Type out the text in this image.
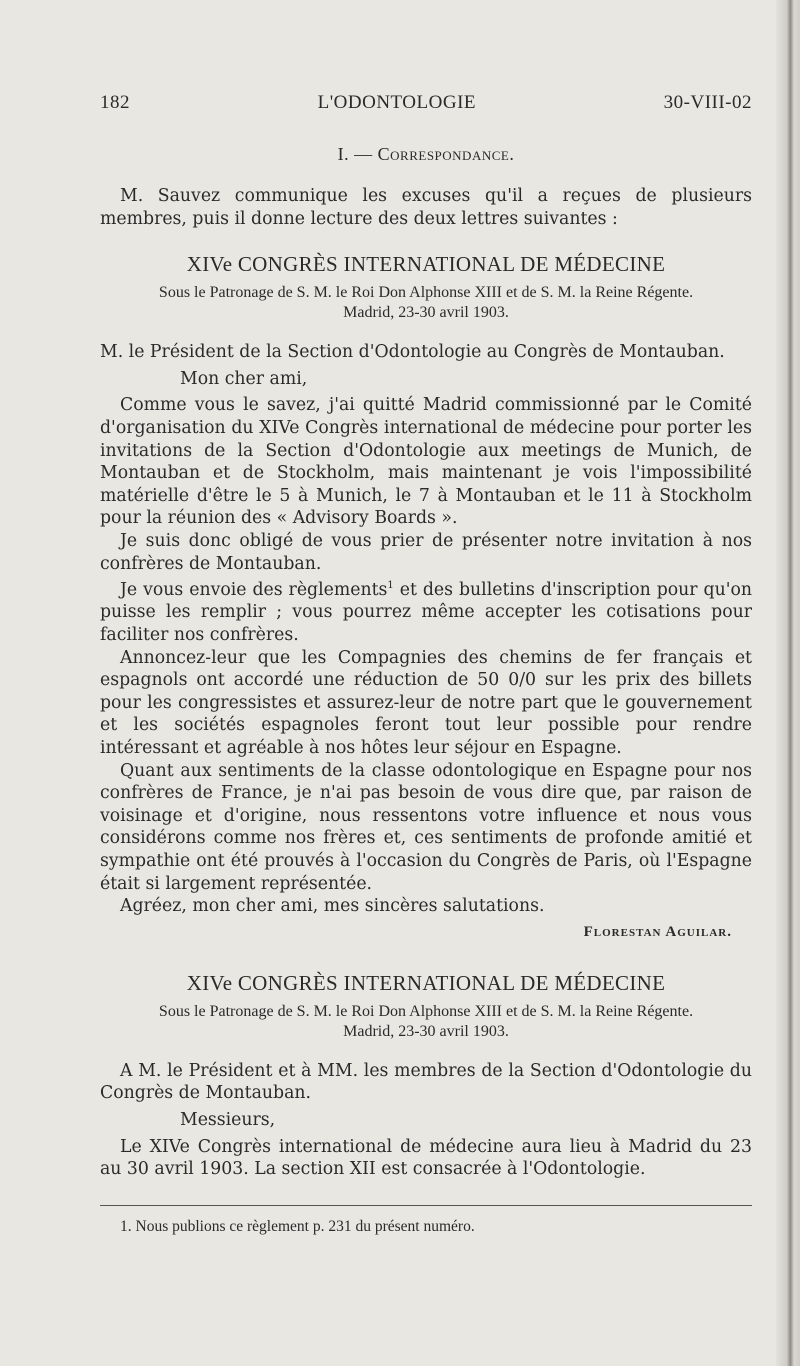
182	L'ODONTOLOGIE	30-VIII-02
I. — Correspondance.

M. Sauvez communique les excuses qu'il a reçues de plusieurs membres, puis il donne lecture des deux lettres suivantes :

XIVe CONGRÈS INTERNATIONAL DE MÉDECINE
Sous le Patronage de S. M. le Roi Don Alphonse XIII et de S. M. la Reine Régente.
Madrid, 23-30 avril 1903.

M. le Président de la Section d'Odontologie au Congrès de Montauban.

Mon cher ami,

Comme vous le savez, j'ai quitté Madrid commissionné par le Comité d'organisation du XIVe Congrès international de médecine pour porter les invitations de la Section d'Odontologie aux meetings de Munich, de Montauban et de Stockholm, mais maintenant je vois l'impossibilité matérielle d'être le 5 à Munich, le 7 à Montauban et le 11 à Stockholm pour la réunion des « Advisory Boards ».

Je suis donc obligé de vous prier de présenter notre invitation à nos confrères de Montauban.

Je vous envoie des règlements$^1$ et des bulletins d'inscription pour qu'on puisse les remplir ; vous pourrez même accepter les cotisations pour faciliter nos confrères.

Annoncez-leur que les Compagnies des chemins de fer français et espagnols ont accordé une réduction de 50 0/0 sur les prix des billets pour les congressistes et assurez-leur de notre part que le gouvernement et les sociétés espagnoles feront tout leur possible pour rendre intéressant et agréable à nos hôtes leur séjour en Espagne.

Quant aux sentiments de la classe odontologique en Espagne pour nos confrères de France, je n'ai pas besoin de vous dire que, par raison de voisinage et d'origine, nous ressentons votre influence et nous vous considérons comme nos frères et, ces sentiments de profonde amitié et sympathie ont été prouvés à l'occasion du Congrès de Paris, où l'Espagne était si largement représentée.

Agréez, mon cher ami, mes sincères salutations.

Florestan Aguilar.
XIVe CONGRÈS INTERNATIONAL DE MÉDECINE
Sous le Patronage de S. M. le Roi Don Alphonse XIII et de S. M. la Reine Régente.
Madrid, 23-30 avril 1903.

A M. le Président et à MM. les membres de la Section d'Odontologie du Congrès de Montauban.

Messieurs,

Le XIVe Congrès international de médecine aura lieu à Madrid du 23 au 30 avril 1903. La section XII est consacrée à l'Odontologie.

1. Nous publions ce règlement p. 231 du présent numéro.
